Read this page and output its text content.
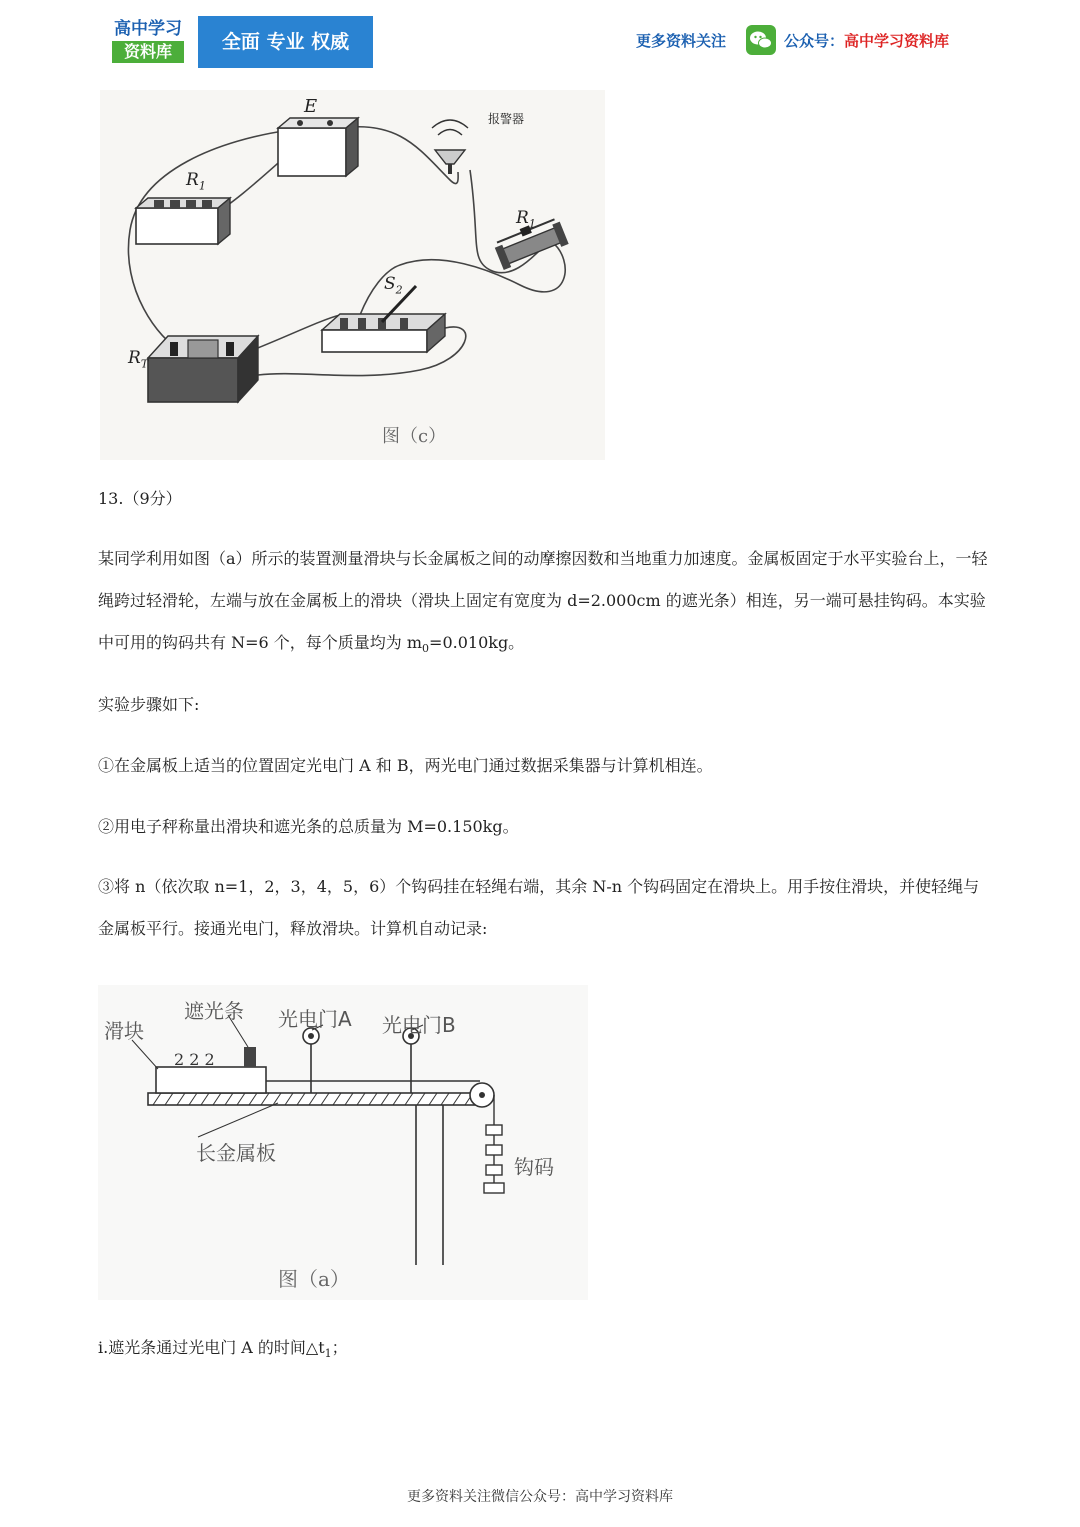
高中学习
资料库	全面 专业 权威	更多资料关注	公众号：高中学习资料库
E
$R_1$
报警器
$R_1$
$S_2$
$R_T$
图（c）

13.（9分）

某同学利用如图（a）所示的装置测量滑块与长金属板之间的动摩擦因数和当地重力加速度。金属板固定于水平实验台上，一轻绳跨过轻滑轮，左端与放在金属板上的滑块（滑块上固定有宽度为 d=2.000cm 的遮光条）相连，另一端可悬挂钩码。本实验中可用的钩码共有 N=6 个，每个质量均为 $m_0=0.010kg$。

实验步骤如下:

①在金属板上适当的位置固定光电门 A 和 B，两光电门通过数据采集器与计算机相连。

②用电子秤称量出滑块和遮光条的总质量为 M=0.150kg。

③将 n（依次取 n=1，2，3，4，5，6）个钩码挂在轻绳右端，其余 N-n 个钩码固定在滑块上。用手按住滑块，并使轻绳与金属板平行。接通光电门，释放滑块。计算机自动记录:

2 2 2
滑块
遮光条 光电门A 光电门B
长金属板
钩码
图（a）

i.遮光条通过光电门 A 的时间$\triangle t_1$；

更多资料关注微信公众号：高中学习资料库
